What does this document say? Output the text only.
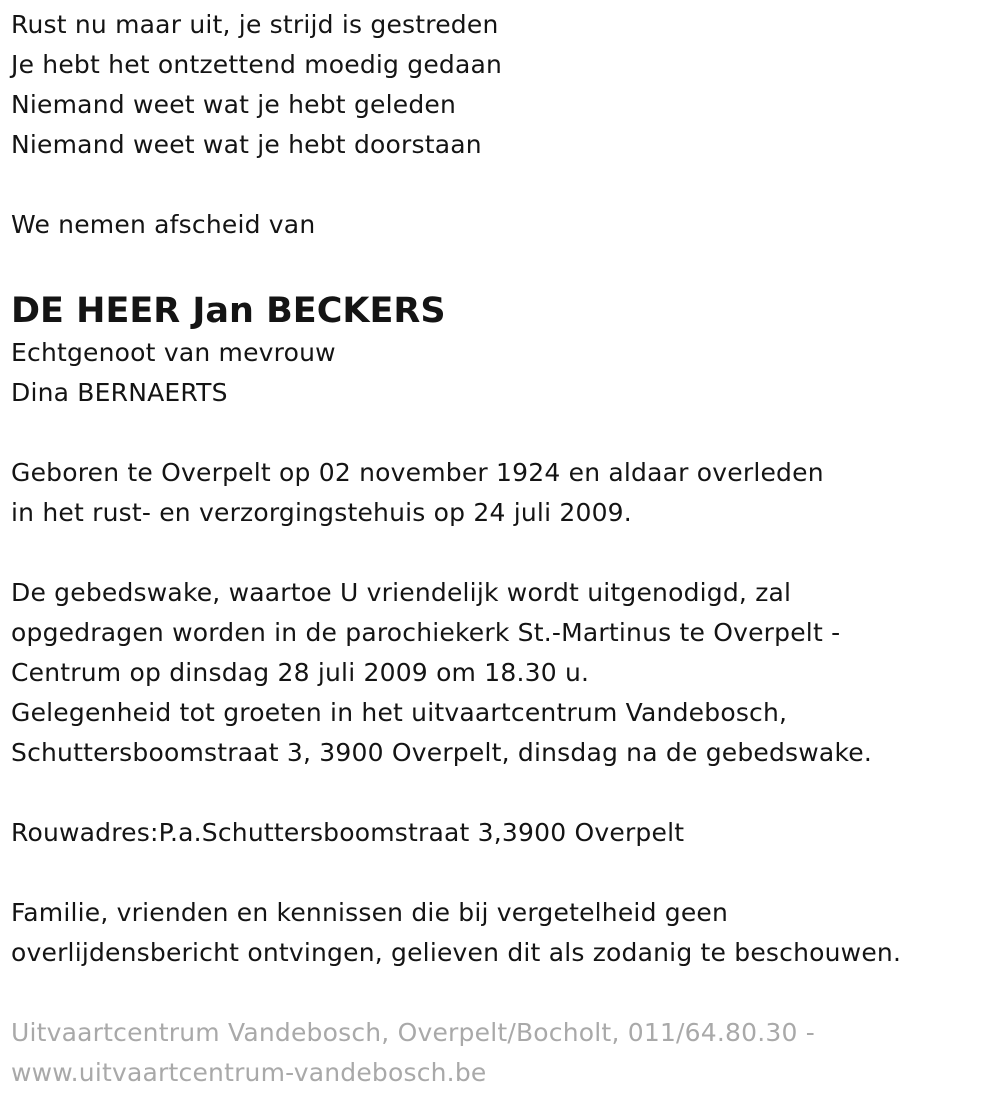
Rust nu maar uit, je strijd is gestreden
Je hebt het ontzettend moedig gedaan
Niemand weet wat je hebt geleden
Niemand weet wat je hebt doorstaan
We nemen afscheid van
DE HEER Jan BECKERS
Echtgenoot van mevrouw
Dina BERNAERTS
Geboren te Overpelt op 02 november 1924 en aldaar overleden
in het rust- en verzorgingstehuis op 24 juli 2009.
De gebedswake, waartoe U vriendelijk wordt uitgenodigd, zal
opgedragen worden in de parochiekerk St.-Martinus te Overpelt -
Centrum op dinsdag 28 juli 2009 om 18.30 u.
Gelegenheid tot groeten in het uitvaartcentrum Vandebosch,
Schuttersboomstraat 3, 3900 Overpelt, dinsdag na de gebedswake.
Rouwadres:P.a.Schuttersboomstraat 3,3900 Overpelt
Familie, vrienden en kennissen die bij vergetelheid geen
overlijdensbericht ontvingen, gelieven dit als zodanig te beschouwen.
Uitvaartcentrum Vandebosch, Overpelt/Bocholt, 011/64.80.30 -
www.uitvaartcentrum-vandebosch.be
